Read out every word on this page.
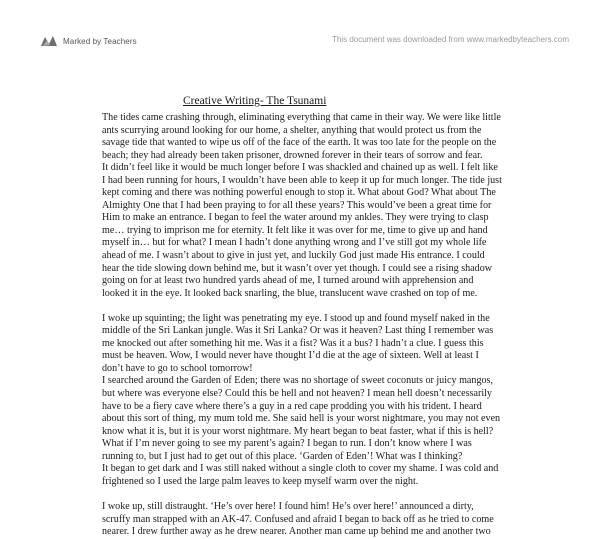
Marked by Teachers	This document was downloaded from www.markedbyteachers.com
Creative Writing- The Tsunami
The tides came crashing through, eliminating everything that came in their way. We were like little
ants scurrying around looking for our home, a shelter, anything that would protect us from the
savage tide that wanted to wipe us off of the face of the earth. It was too late for the people on the
beach; they had already been taken prisoner, drowned forever in their tears of sorrow and fear.
It didn’t feel like it would be much longer before I was shackled and chained up as well. I felt like
I had been running for hours, I wouldn’t have been able to keep it up for much longer. The tide just
kept coming and there was nothing powerful enough to stop it. What about God? What about The
Almighty One that I had been praying to for all these years? This would’ve been a great time for
Him to make an entrance. I began to feel the water around my ankles. They were trying to clasp
me… trying to imprison me for eternity. It felt like it was over for me, time to give up and hand
myself in… but for what? I mean I hadn’t done anything wrong and I’ve still got my whole life
ahead of me. I wasn’t about to give in just yet, and luckily God just made His entrance. I could
hear the tide slowing down behind me, but it wasn’t over yet though. I could see a rising shadow
going on for at least two hundred yards ahead of me, I turned around with apprehension and
looked it in the eye. It looked back snarling, the blue, translucent wave crashed on top of me.
I woke up squinting; the light was penetrating my eye. I stood up and found myself naked in the
middle of the Sri Lankan jungle. Was it Sri Lanka? Or was it heaven? Last thing I remember was
me knocked out after something hit me. Was it a fist? Was it a bus? I hadn’t a clue. I guess this
must be heaven. Wow, I would never have thought I’d die at the age of sixteen. Well at least I
don’t have to go to school tomorrow!
I searched around the Garden of Eden; there was no shortage of sweet coconuts or juicy mangos,
but where was everyone else? Could this be hell and not heaven? I mean hell doesn’t necessarily
have to be a fiery cave where there’s a guy in a red cape prodding you with his trident. I heard
about this sort of thing, my mum told me. She said hell is your worst nightmare, you may not even
know what it is, but it is your worst nightmare. My heart began to beat faster, what if this is hell?
What if I’m never going to see my parent’s again? I began to run. I don’t know where I was
running to, but I just had to get out of this place. ‘Garden of Eden’! What was I thinking?
It began to get dark and I was still naked without a single cloth to cover my shame. I was cold and
frightened so I used the large palm leaves to keep myself warm over the night.
I woke up, still distraught. ‘He’s over here! I found him! He’s over here!’ announced a dirty,
scruffy man strapped with an AK-47. Confused and afraid I began to back off as he tried to come
nearer. I drew further away as he drew nearer. Another man came up behind me and another two
